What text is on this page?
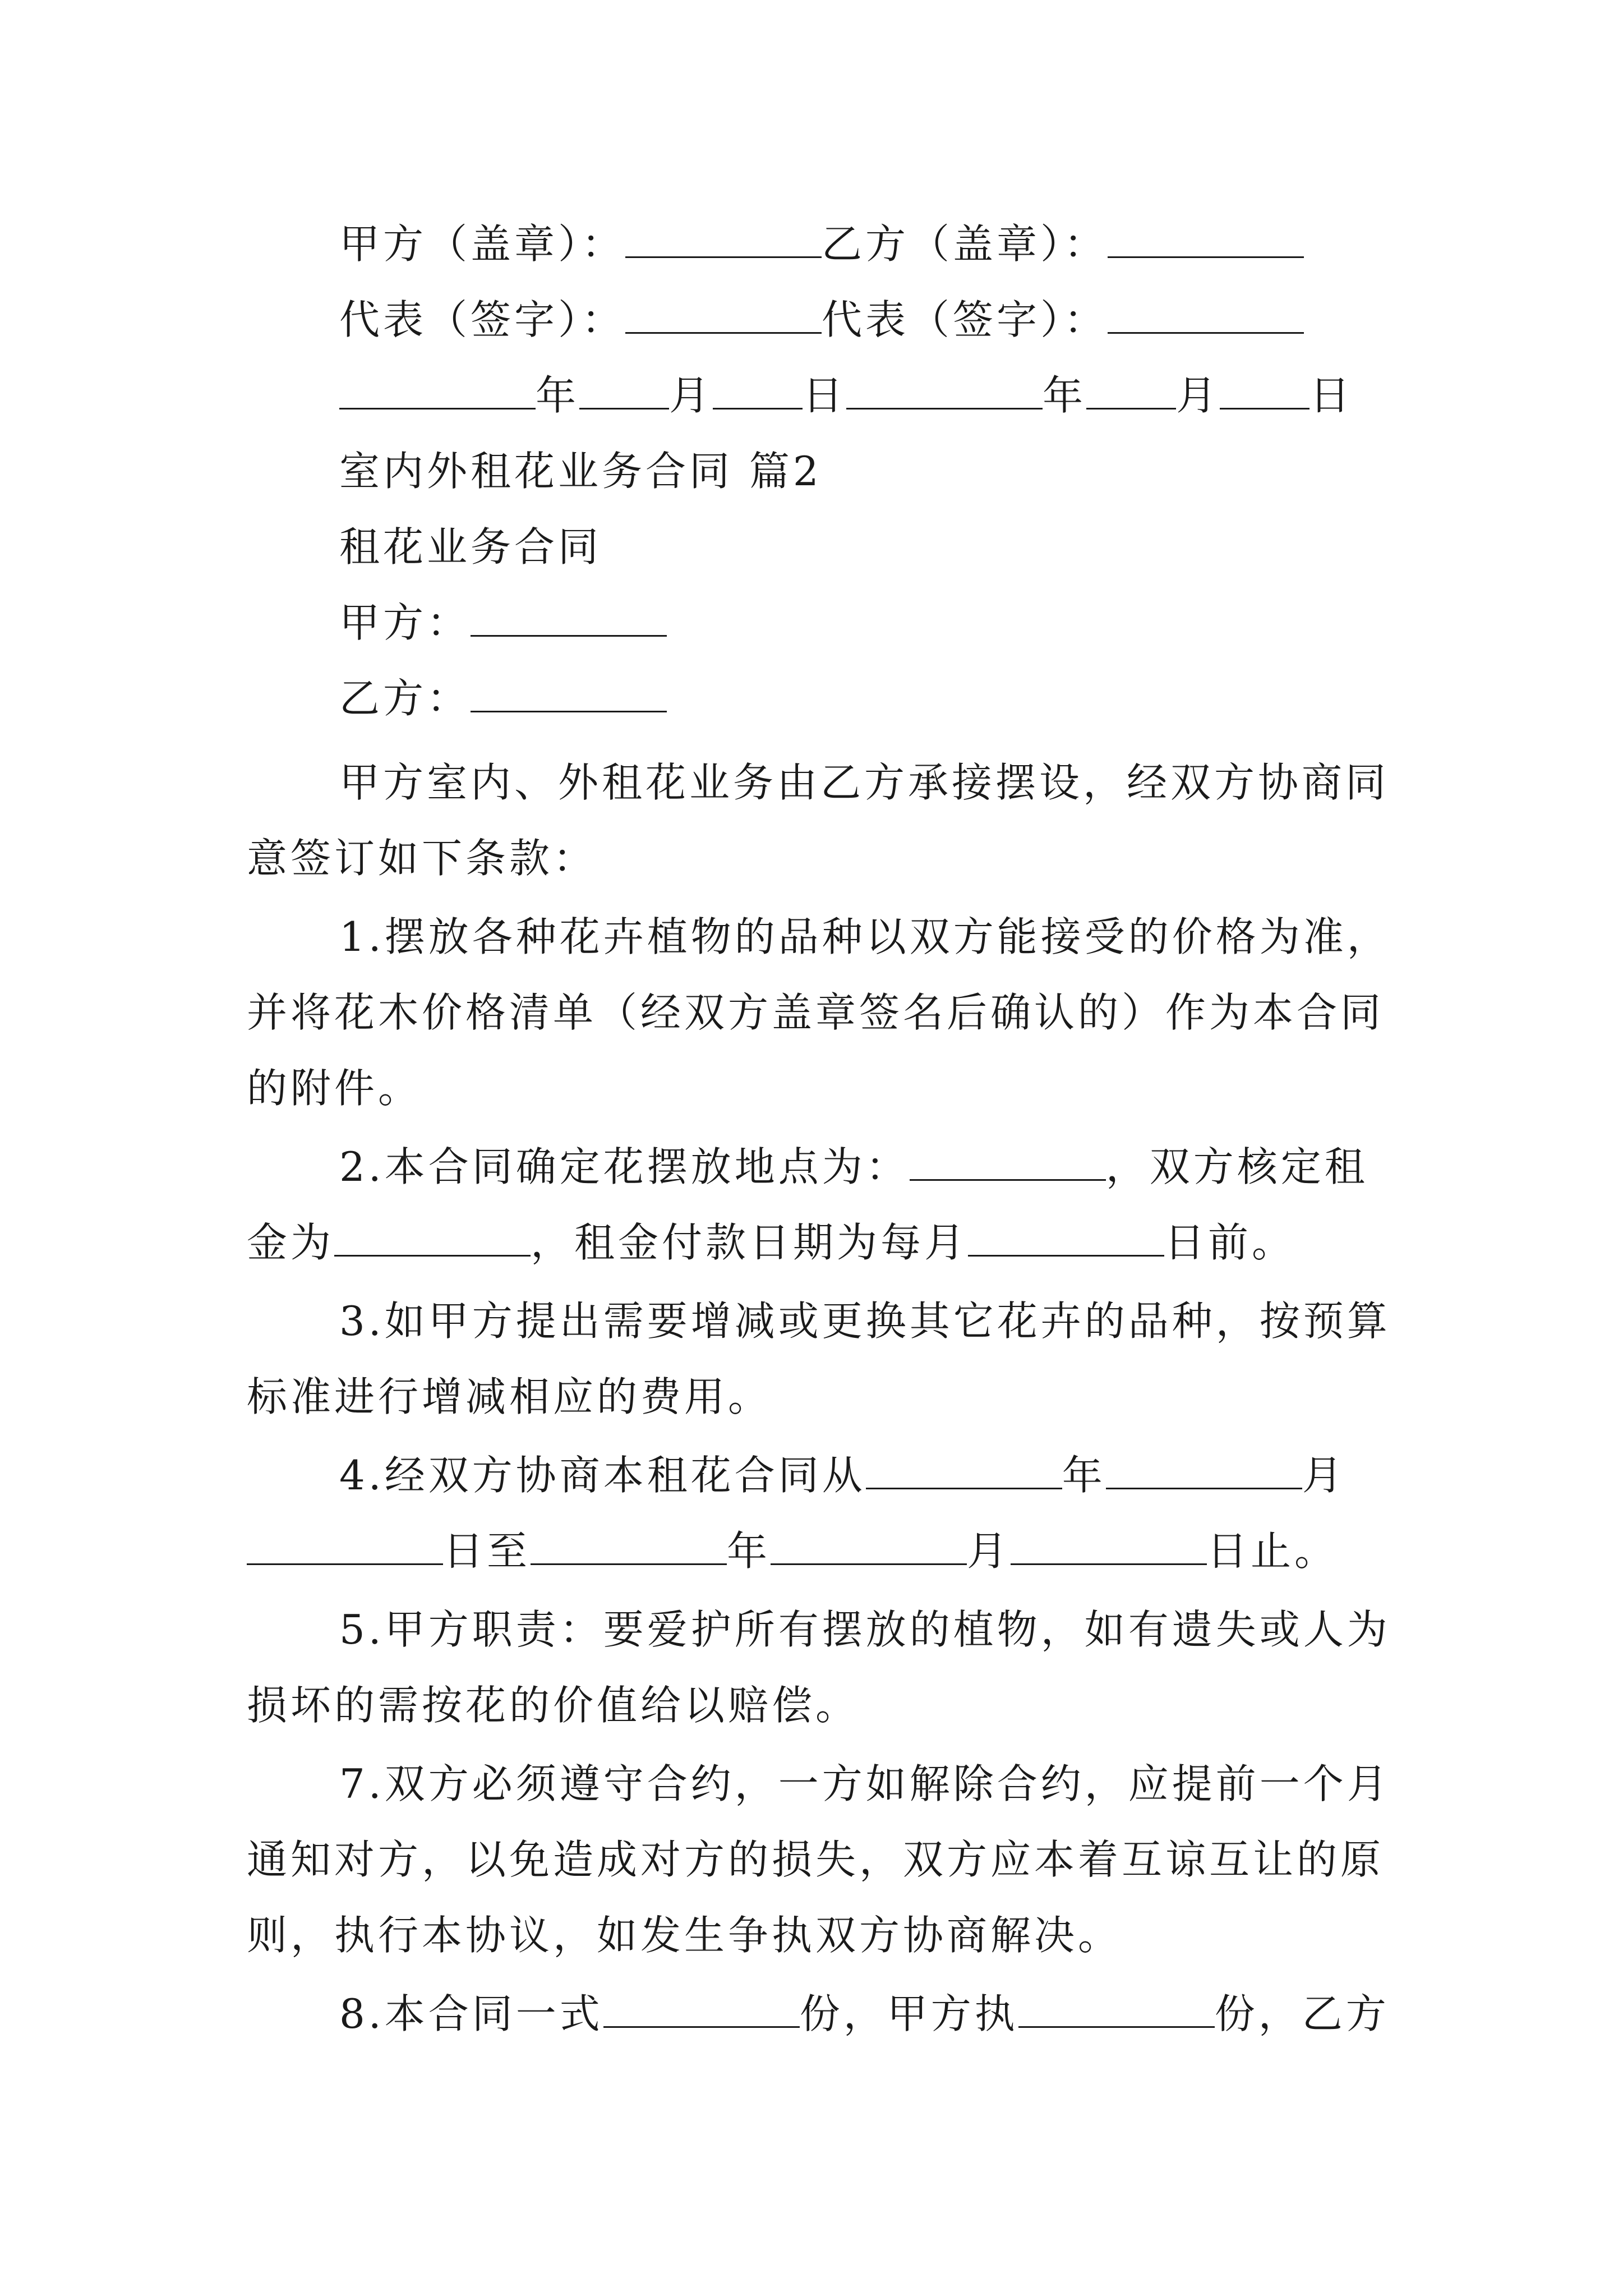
甲方（盖章）：	乙方（盖章）：
代表（签字）：	代表（签字）：
年 月 日	年 月 日
室内外租花业务合同 篇2
租花业务合同
甲方：
乙方：
甲方室内、外租花业务由乙方承接摆设，经双方协商同
意签订如下条款：
1.摆放各种花卉植物的品种以双方能接受的价格为准，
并将花木价格清单（经双方盖章签名后确认的）作为本合同
的附件。
2.本合同确定花摆放地点为：	，双方核定租
金为	，租金付款日期为每月	日前。
3.如甲方提出需要增减或更换其它花卉的品种，按预算
标准进行增减相应的费用。
4.经双方协商本租花合同从	年	月
日至	年	月	日止。
5.甲方职责：要爱护所有摆放的植物，如有遗失或人为
损坏的需按花的价值给以赔偿。
7.双方必须遵守合约，一方如解除合约，应提前一个月
通知对方，以免造成对方的损失，双方应本着互谅互让的原
则，执行本协议，如发生争执双方协商解决。
8.本合同一式	份，甲方执	份，乙方
